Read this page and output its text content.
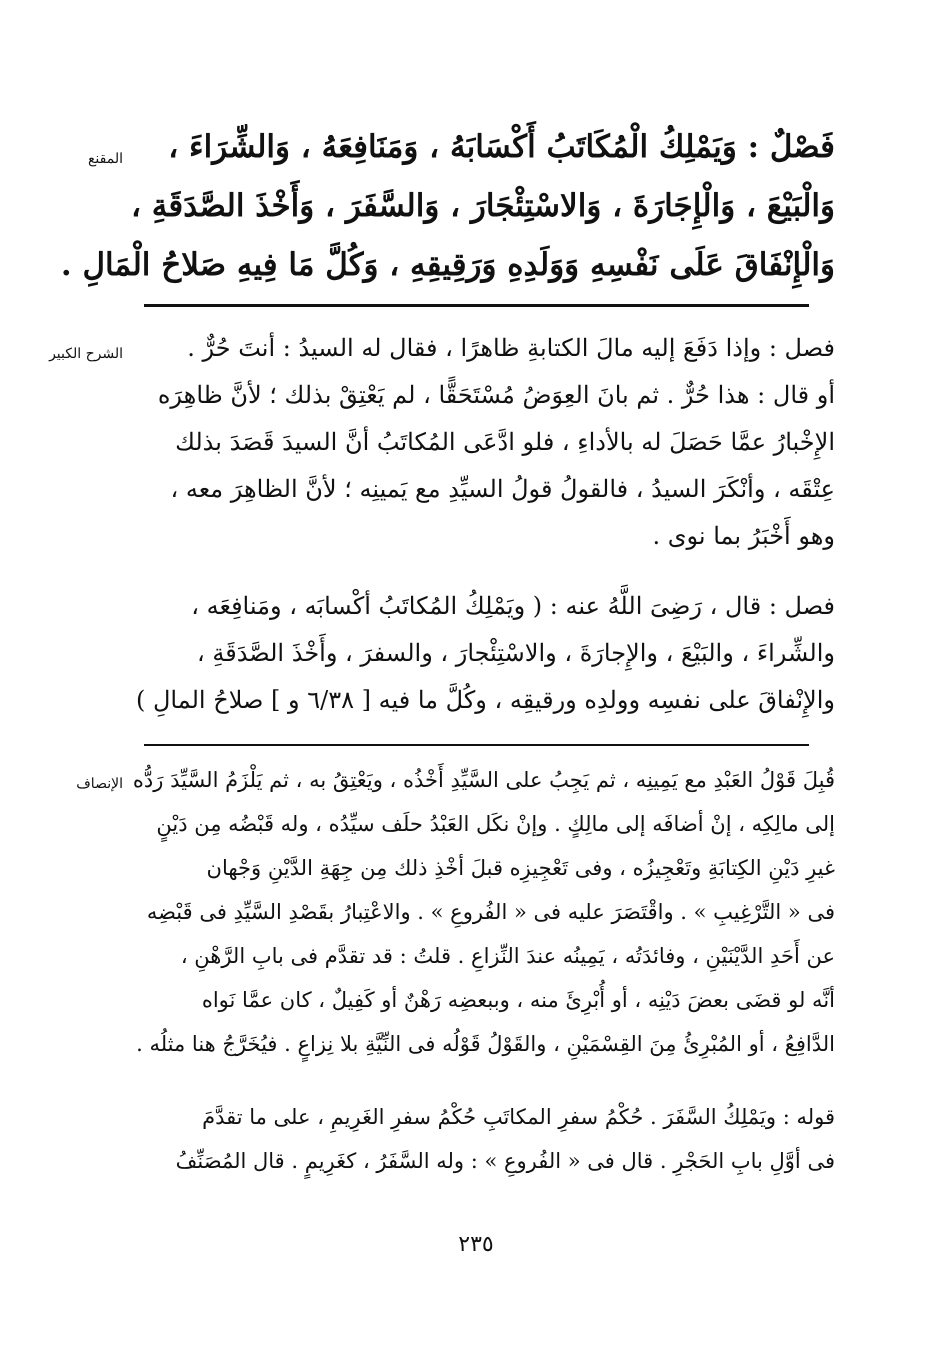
المقنع	فَصْلٌ : وَيَمْلِكُ الْمُكَاتَبُ أَكْسَابَهُ ، وَمَنَافِعَهُ ، وَالشِّرَاءَ ،
وَالْبَيْعَ ، وَالْإِجَارَةَ ، وَالاسْتِئْجَارَ ، وَالسَّفَرَ ، وَأَخْذَ الصَّدَقَةِ ،
وَالْإِنْفَاقَ عَلَى نَفْسِهِ وَوَلَدِهِ وَرَقِيقِهِ ، وَكُلَّ مَا فِيهِ صَلاحُ الْمَالِ .
الشرح الكبير	فصل : وإذا دَفَعَ إليه مالَ الكتابةِ ظاهرًا ، فقال له السيدُ : أنتَ حُرٌّ .
أو قال : هذا حُرٌّ . ثم بانَ العِوَضُ مُسْتَحَقًّا ، لم يَعْتِقْ بذلك ؛ لأنَّ ظاهِرَه
الإِخْبارُ عمَّا حَصَلَ له بالأداءِ ، فلو ادَّعَى المُكاتَبُ أنَّ السيدَ قَصَدَ بذلك
عِتْقَه ، وأنْكَرَ السيدُ ، فالقولُ قولُ السيِّدِ مع يَمينِه ؛ لأنَّ الظاهِرَ معه ،
وهو أَخْبَرُ بما نوى .
فصل : قال ، رَضِىَ اللَّهُ عنه : ( ويَمْلِكُ المُكاتَبُ أكْسابَه ، ومَنافِعَه ،
والشِّراءَ ، والبَيْعَ ، والإِجارَةَ ، والاسْتِئْجارَ ، والسفرَ ، وأَخْذَ الصَّدَقَةِ ،
والإِنْفاقَ على نفسِه وولدِه ورقيقِه ، وكُلَّ ما فيه [ ٦/٣٨ و ] صلاحُ المالِ )
الإنصاف قُبِلَ قَوْلُ العَبْدِ مع يَمِينِه ، ثم يَجِبُ على السَّيِّدِ أَخْذُه ، ويَعْتِقُ به ، ثم يَلْزَمُ السَّيِّدَ رَدُّه
إلى مالِكِه ، إنْ أضافَه إلى مالِكٍ . وإنْ نكَل العَبْدُ حلَف سيِّدُه ، وله قَبْضُه مِن دَيْنٍ
غيرِ دَيْنِ الكِتابَةِ وتَعْجِيزُه ، وفى تَعْجِيزِه قبلَ أخْذِ ذلك مِن جِهَةِ الدَّيْنِ وَجْهان
فى « التَّرْغِيبِ » . واقْتَصَرَ عليه فى « الفُروعِ » . والاعْتِبارُ بقَصْدِ السَّيِّدِ فى قَبْضِه
عن أَحَدِ الدَّيْنَيْنِ ، وفائدَتُه ، يَمِينُه عندَ النِّزاعِ . قلتُ : قد تقدَّم فى بابِ الرَّهْنِ ،
أنَّه لو قضَى بعضَ دَيْنِه ، أو أُبْرِئَ منه ، وببعضِه رَهْنٌ أو كَفِيلٌ ، كان عمَّا نَواه
الدَّافِعُ ، أو المُبْرِئُ مِنَ القِسْمَيْنِ ، والقَوْلُ قَوْلُه فى النِّيَّةِ بلا نِزاعٍ . فيُخَرَّجُ هنا مثلُه .
قوله : ويَمْلِكُ السَّفَرَ . حُكْمُ سفرِ المكاتَبِ حُكْمُ سفرِ الغَرِيمِ ، على ما تقدَّمَ
فى أوَّلِ بابِ الحَجْرِ . قال فى « الفُروعِ » : وله السَّفَرُ ، كغَرِيمٍ . قال المُصَنِّفُ
٢٣٥
